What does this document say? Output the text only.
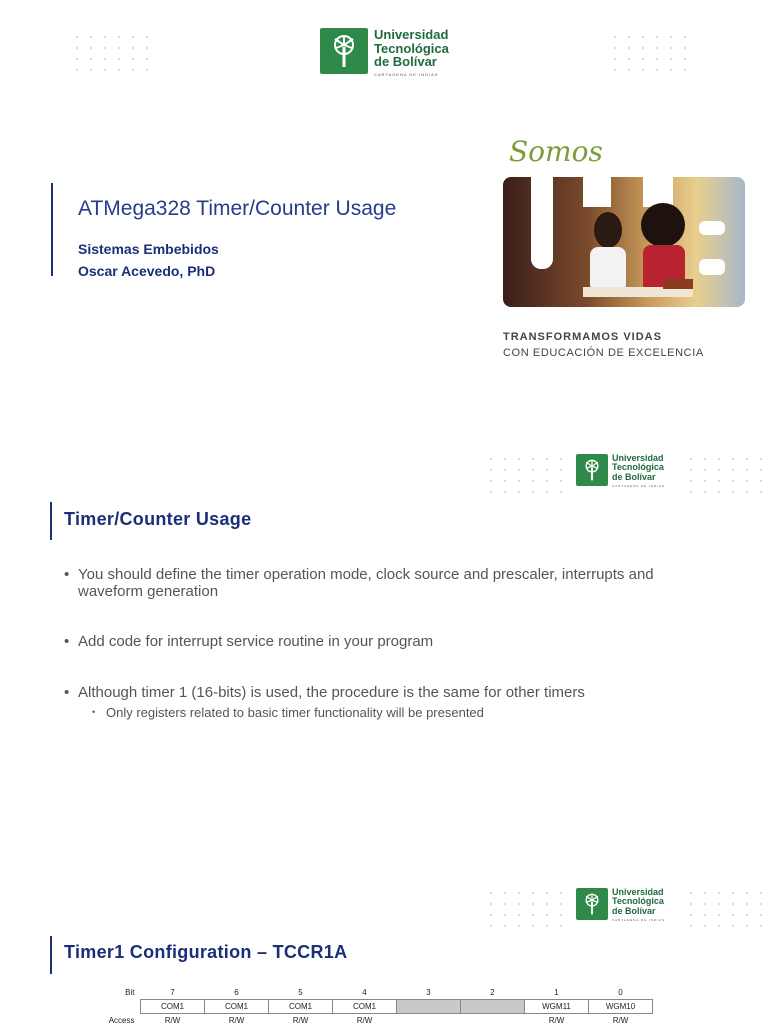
Universidad
Tecnológica
de Bolívar
CARTAGENA DE INDIAS
ATMega328 Timer/Counter Usage
Sistemas Embebidos
Oscar Acevedo, PhD
Somos
TRANSFORMAMOS VIDAS
CON EDUCACIÓN DE EXCELENCIA
Universidad
Tecnológica
de Bolívar
CARTAGENA DE INDIAS
Timer/Counter Usage
• You should define the timer operation mode, clock source and prescaler, interrupts and waveform generation
• Add code for interrupt service routine in your program
• Although timer 1 (16-bits) is used, the procedure is the same for other timers
• Only registers related to basic timer functionality will be presented
Universidad
Tecnológica
de Bolívar
CARTAGENA DE INDIAS
Timer1 Configuration – TCCR1A
Bit	7	6	5	4	3	2	1	0
	COM1	COM1	COM1	COM1			WGM11	WGM10
Access	R/W	R/W	R/W	R/W			R/W	R/W
